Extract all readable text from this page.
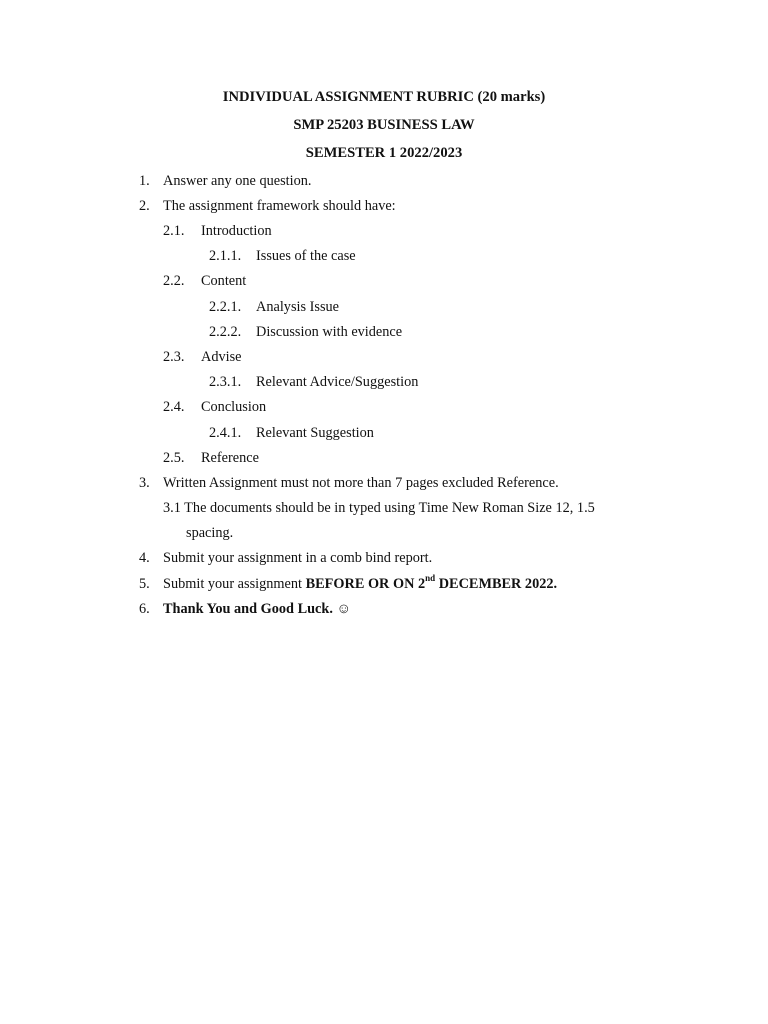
INDIVIDUAL ASSIGNMENT RUBRIC (20 marks)
SMP 25203 BUSINESS LAW
SEMESTER 1 2022/2023
1. Answer any one question.
2. The assignment framework should have:
2.1. Introduction
2.1.1. Issues of the case
2.2. Content
2.2.1. Analysis Issue
2.2.2. Discussion with evidence
2.3. Advise
2.3.1. Relevant Advice/Suggestion
2.4. Conclusion
2.4.1. Relevant Suggestion
2.5. Reference
3. Written Assignment must not more than 7 pages excluded Reference.
3.1 The documents should be in typed using Time New Roman Size 12, 1.5
spacing.
4. Submit your assignment in a comb bind report.
5. Submit your assignment BEFORE OR ON 2nd DECEMBER 2022.
6. Thank You and Good Luck. ☺
